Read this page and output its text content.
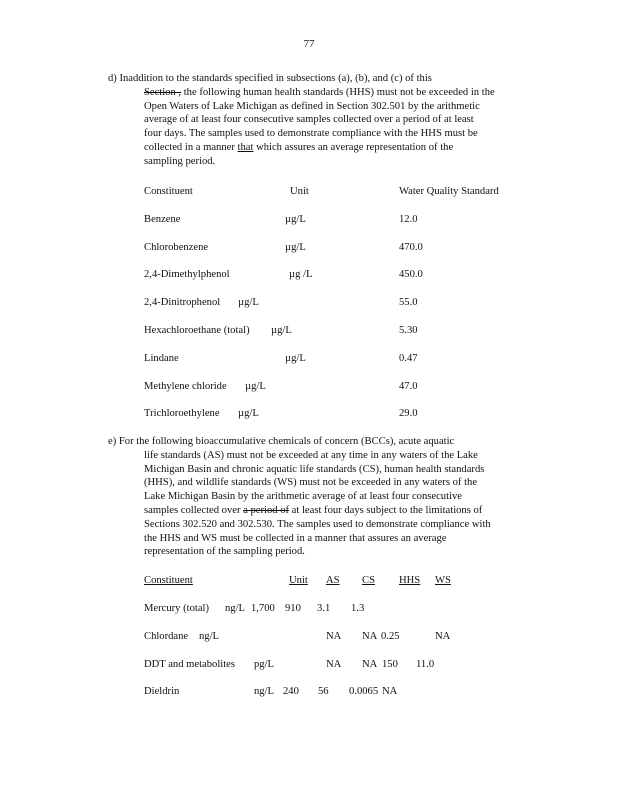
77
d) Inaddition to the standards specified in subsections (a), (b), and (c) of this
Section , the following human health standards (HHS) must not be exceeded in the
Open Waters of Lake Michigan as defined in Section 302.501 by the arithmetic
average of at least four consecutive samples collected over a period of at least
four days. The samples used to demonstrate compliance with the HHS must be
collected in a manner that which assures an average representation of the
sampling period.
Constituent	Unit	Water Quality Standard
Benzene	µg/L	12.0
Chlorobenzene	µg/L	470.0
2,4-Dimethylphenol	µg /L	450.0
2,4-Dinitrophenol µg/L	55.0
Hexachloroethane (total) µg/L	5.30
Lindane	µg/L	0.47
Methylene chloride µg/L	47.0
Trichloroethylene µg/L	29.0
e) For the following bioaccumulative chemicals of concern (BCCs), acute aquatic
life standards (AS) must not be exceeded at any time in any waters of the Lake
Michigan Basin and chronic aquatic life standards (CS), human health standards
(HHS), and wildlife standards (WS) must not be exceeded in any waters of the
Lake Michigan Basin by the arithmetic average of at least four consecutive
samples collected over a period of at least four days subject to the limitations of
Sections 302.520 and 302.530. The samples used to demonstrate compliance with
the HHS and WS must be collected in a manner that assures an average
representation of the sampling period.
Constituent	Unit AS CS HHS WS
Mercury (total) ng/L 1,700 910 3.1 1.3
Chlordane ng/L	NA NA 0.25	NA
DDT and metabolites pg/L	NA NA 150 11.0
Dieldrin	ng/L 240 56 0.0065 NA
